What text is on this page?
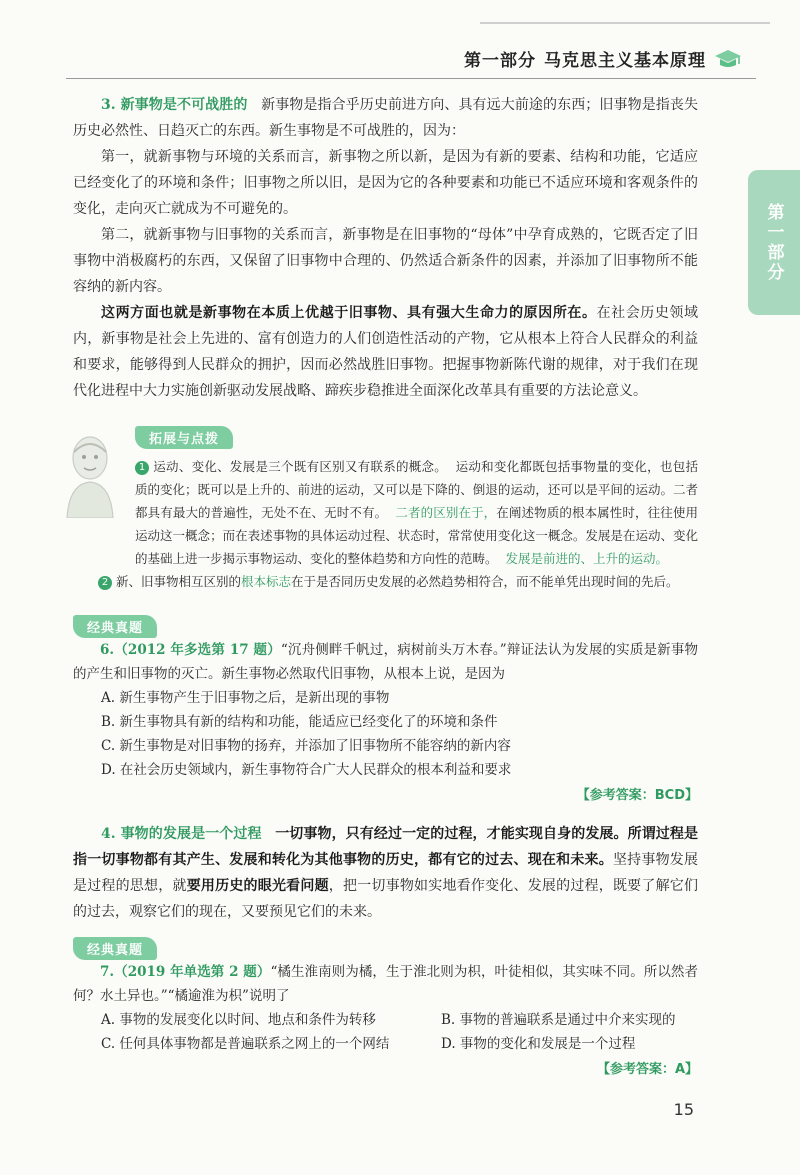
第一部分 马克思主义基本原理
第一部分

3. 新事物是不可战胜的 新事物是指合乎历史前进方向、具有远大前途的东西；旧事物是指丧失历史必然性、日趋灭亡的东西。新生事物是不可战胜的，因为：

第一，就新事物与环境的关系而言，新事物之所以新，是因为有新的要素、结构和功能，它适应已经变化了的环境和条件；旧事物之所以旧，是因为它的各种要素和功能已不适应环境和客观条件的变化，走向灭亡就成为不可避免的。

第二，就新事物与旧事物的关系而言，新事物是在旧事物的“母体”中孕育成熟的，它既否定了旧事物中消极腐朽的东西，又保留了旧事物中合理的、仍然适合新条件的因素，并添加了旧事物所不能容纳的新内容。

这两方面也就是新事物在本质上优越于旧事物、具有强大生命力的原因所在。在社会历史领域内，新事物是社会上先进的、富有创造力的人们创造性活动的产物，它从根本上符合人民群众的利益和要求，能够得到人民群众的拥护，因而必然战胜旧事物。把握事物新陈代谢的规律，对于我们在现代化进程中大力实施创新驱动发展战略、蹄疾步稳推进全面深化改革具有重要的方法论意义。

拓展与点拨

1 运动、变化、发展是三个既有区别又有联系的概念。 运动和变化都既包括事物量的变化，也包括质的变化；既可以是上升的、前进的运动，又可以是下降的、倒退的运动，还可以是平间的运动。二者都具有最大的普遍性，无处不在、无时不有。 二者的区别在于，在阐述物质的根本属性时，往往使用运动这一概念；而在表述事物的具体运动过程、状态时，常常使用变化这一概念。发展是在运动、变化的基础上进一步揭示事物运动、变化的整体趋势和方向性的范畴。 发展是前进的、上升的运动。

2 新、旧事物相互区别的根本标志在于是否同历史发展的必然趋势相符合，而不能单凭出现时间的先后。

经典真题

6.（2012 年多选第 17 题）“沉舟侧畔千帆过，病树前头万木春。”辩证法认为发展的实质是新事物的产生和旧事物的灭亡。新生事物必然取代旧事物，从根本上说，是因为

A. 新生事物产生于旧事物之后，是新出现的事物

B. 新生事物具有新的结构和功能，能适应已经变化了的环境和条件

C. 新生事物是对旧事物的扬弃，并添加了旧事物所不能容纳的新内容

D. 在社会历史领域内，新生事物符合广大人民群众的根本利益和要求

【参考答案：BCD】

4. 事物的发展是一个过程 一切事物，只有经过一定的过程，才能实现自身的发展。所谓过程是指一切事物都有其产生、发展和转化为其他事物的历史，都有它的过去、现在和未来。坚持事物发展是过程的思想，就要用历史的眼光看问题，把一切事物如实地看作变化、发展的过程，既要了解它们的过去，观察它们的现在，又要预见它们的未来。

经典真题

7.（2019 年单选第 2 题）“橘生淮南则为橘，生于淮北则为枳，叶徒相似，其实味不同。所以然者何？水土异也。”“橘逾淮为枳”说明了

A. 事物的发展变化以时间、地点和条件为转移	B. 事物的普遍联系是通过中介来实现的
C. 任何具体事物都是普遍联系之网上的一个网结	D. 事物的变化和发展是一个过程
【参考答案：A】
15
